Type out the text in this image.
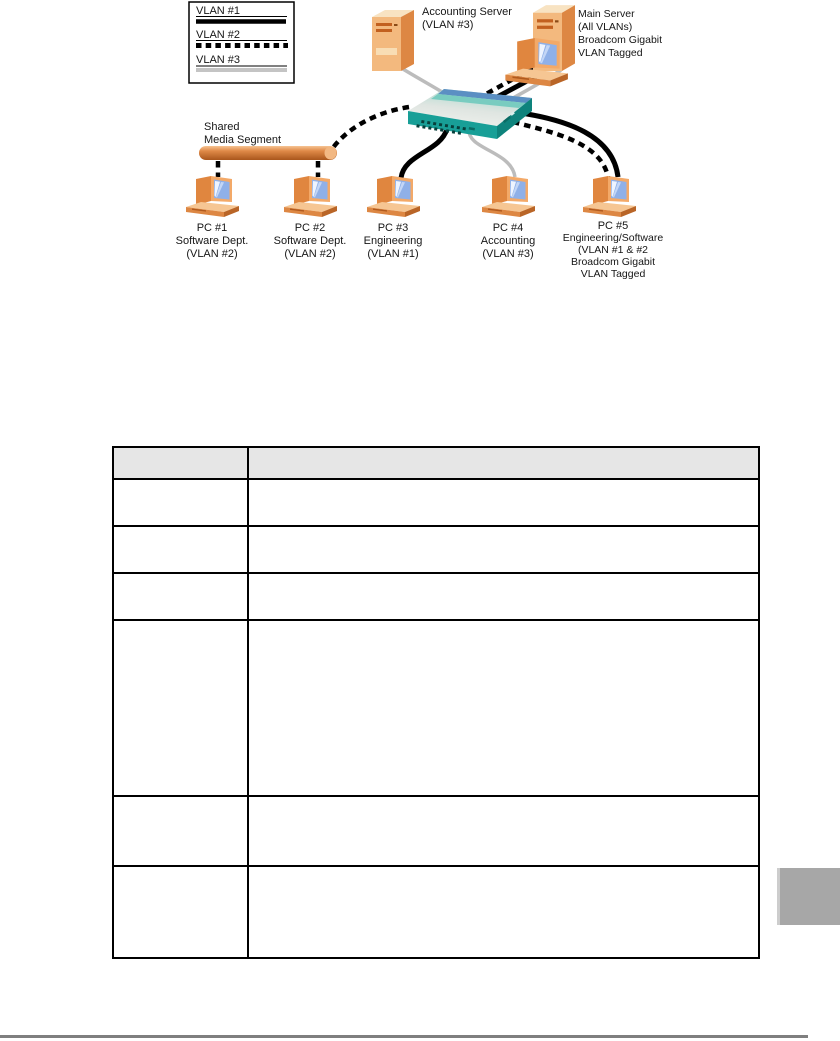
VLAN #1
VLAN #2
VLAN #3
Shared
Media Segment
Accounting Server
(VLAN #3)
Main Server
(All VLANs)
Broadcom Gigabit
VLAN Tagged
PC #1
Software Dept.
(VLAN #2)
PC #2
Software Dept.
(VLAN #2)
PC #3
Engineering
(VLAN #1)
PC #4
Accounting
(VLAN #3)
PC #5
Engineering/Software
(VLAN #1 & #2
Broadcom Gigabit
VLAN Tagged
